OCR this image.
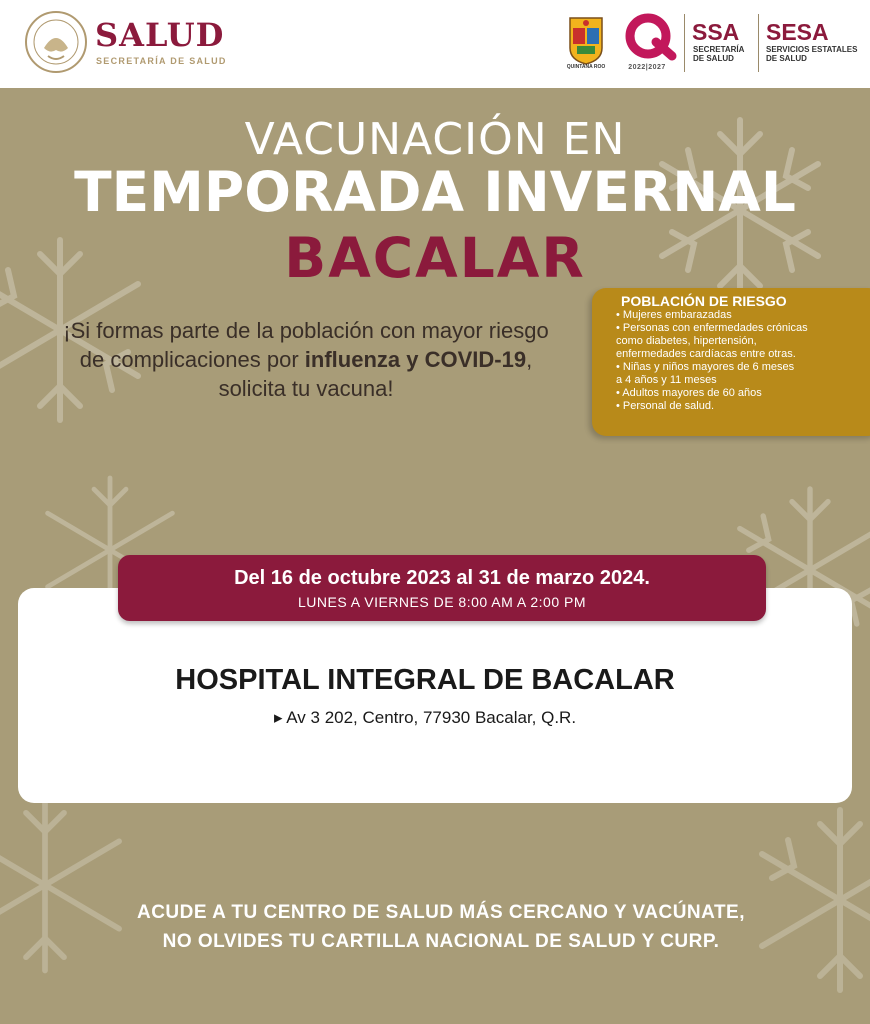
SALUD
SECRETARÍA DE SALUD
QUINTANA ROO	2022|2027
SSA
SECRETARÍA
DE SALUD
SESA
SERVICIOS ESTATALES
DE SALUD
VACUNACIÓN EN
TEMPORADA INVERNAL
BACALAR
¡Si formas parte de la población con mayor riesgo de complicaciones por influenza y COVID-19, solicita tu vacuna!
POBLACIÓN DE RIESGO
• Mujeres embarazadas
• Personas con enfermedades crónicas
como diabetes, hipertensión,
enfermedades cardíacas entre otras.
• Niñas y niños mayores de 6 meses
a 4 años y 11 meses
• Adultos mayores de 60 años
• Personal de salud.
Del 16 de octubre 2023 al 31 de marzo 2024.
LUNES A VIERNES DE 8:00 AM A 2:00 PM
HOSPITAL INTEGRAL DE BACALAR
▸ Av 3 202, Centro, 77930 Bacalar, Q.R.
ACUDE A TU CENTRO DE SALUD MÁS CERCANO Y VACÚNATE,
NO OLVIDES TU CARTILLA NACIONAL DE SALUD Y CURP.
